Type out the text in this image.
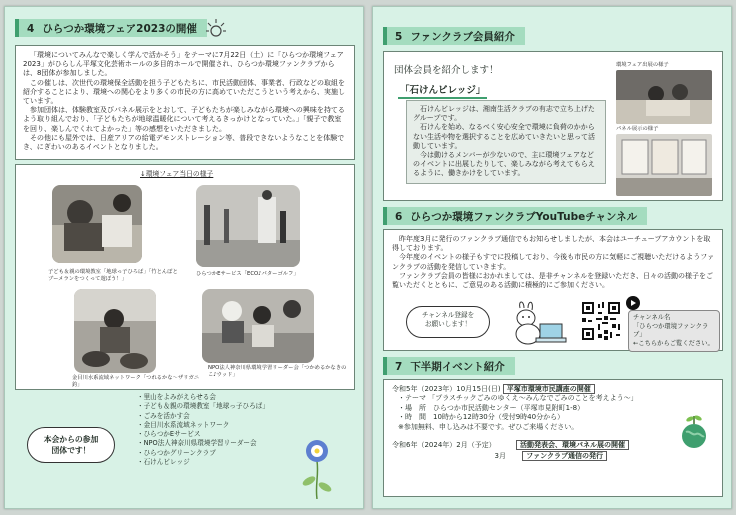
4 ひらつか環境フェア2023の開催

「環境についてみんなで楽しく学んで活かそう」をテーマに7月22日（土）に「ひらつか環境フェア2023」がひらしん平塚文化芸術ホールの多目的ホールで開催され、ひらつか環境ファンクラブからは、8団体が参加しました。

この催しは、次世代の環境保全活動を担う子どもたちに、市民活動団体、事業者、行政などの取組を紹介することにより、環境への関心をより多くの市民の方に高めていただこうという考えから、実施しています。

参加団体は、体験教室及びパネル展示をとおして、子どもたちが楽しみながら環境への興味を持てるよう取り組んでおり、「子どもたちが地球温暖化について考えるきっかけとなっていた。」「親子で教室を回り、楽しんでくれてよかった」等の感想をいただきました。

その他にも屋外では、日産アリアの給電デモンストレーション等、普段できないようなことを体験でき、にぎわいのあるイベントとなりました。

↓環境フェア当日の様子
子ども＆親の環境教室「地球っ子ひろば」「竹とんぼとブーメランをつくって遊ぼう！」
ひらつかEサービス「ECO♪パターゴルフ」
金目川水系流域ネットワーク「つれるかな～ザリガニ釣」
NPO法人神奈川県環境学習リーダー会「つかめるかなきのこ♪ウッド」
本会からの参加団体です！
・里山をよみがえらせる会
・子ども＆親の環境教室「地球っ子ひろば」
・ごみを活かす会
・金目川水系流域ネットワーク
・ひらつかEサービス
・NPO法人神奈川県環境学習リーダー会
・ひらつかグリーンクラブ
・石けんビレッジ
5 ファンクラブ会員紹介
団体会員を紹介します！
「石けんビレッジ」

石けんビレッジは、湘南生活クラブの有志で立ち上げたグループです。

石けんを始め、なるべく安心安全で環境に負荷のかからない生活や物を選択することを広めていきたいと思って活動しています。

今は動けるメンバーが少ないので、主に環境フェアなどのイベントに出展したりして、楽しみながら考えてもらえるように、働きかけをしています。

環境フェア出展の様子
パネル展示の様子
6 ひらつか環境ファンクラブYouTubeチャンネル

昨年度3月に発行のファンクラブ通信でもお知らせしましたが、本会はユーチューブアカウントを取得しております。

今年度のイベントの様子もすでに投稿しており、今後も市民の方に気軽にご視聴いただけるようファンクラブの活動を発信していきます。

ファンクラブ会員の皆様におかれましては、是非チャンネルを登録いただき、日々の活動の様子をご覧いただくとともに、ご意見のある活動に積極的にご参加ください。

チャンネル登録をお願いします！
チャンネル名
「ひらつか環境ファンクラブ」
←こちらからご覧ください。
7 下半期イベント紹介
令和5年（2023年）10月15日(日) 平塚市環境市民講座の開催
・テーマ 「プラスチックごみのゆくえ～みんなでごみのことを考えよう～」
・場　所　ひらつか市民活動センター（平塚市見附町1-8）
・時　間　10時から12時30分（受付9時40分から）
※参加無料、申し込みは不要です。ぜひご来場ください。
令和6年（2024年）2月（予定）	活動発表会、環境パネル展の開催
3月	ファンクラブ通信の発行
